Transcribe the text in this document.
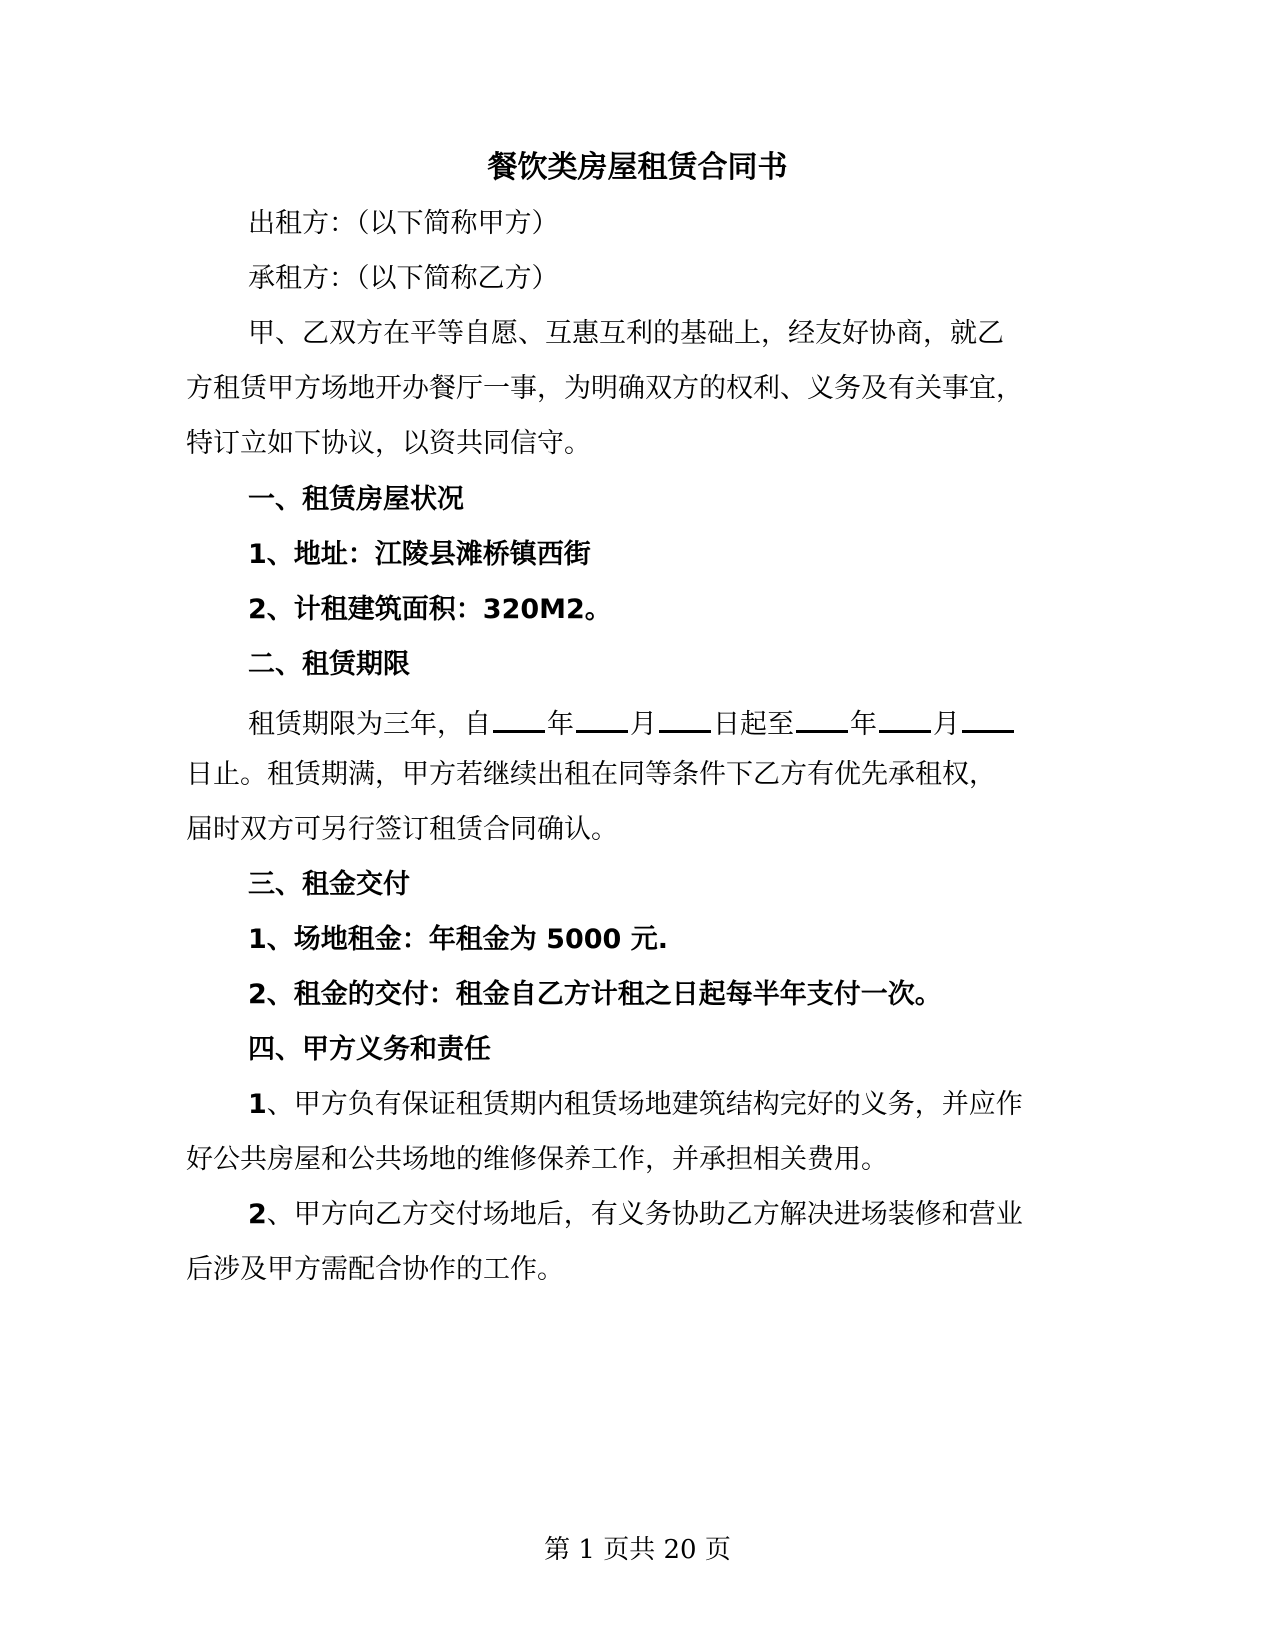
餐饮类房屋租赁合同书
出租方：（以下简称甲方）
承租方：（以下简称乙方）
甲、乙双方在平等自愿、互惠互利的基础上，经友好协商，就乙
方租赁甲方场地开办餐厅一事，为明确双方的权利、义务及有关事宜，
特订立如下协议，以资共同信守。
一、租赁房屋状况
1、地址：江陵县滩桥镇西街
2、计租建筑面积：320M2。
二、租赁期限
租赁期限为三年，自 年 月 日起至 年 月
日止。租赁期满，甲方若继续出租在同等条件下乙方有优先承租权，
届时双方可另行签订租赁合同确认。
三、租金交付
1、场地租金：年租金为 5000 元.
2、租金的交付：租金自乙方计租之日起每半年支付一次。
四、甲方义务和责任
1、甲方负有保证租赁期内租赁场地建筑结构完好的义务，并应作
好公共房屋和公共场地的维修保养工作，并承担相关费用。
2、甲方向乙方交付场地后，有义务协助乙方解决进场装修和营业
后涉及甲方需配合协作的工作。
第 1 页共 20 页
